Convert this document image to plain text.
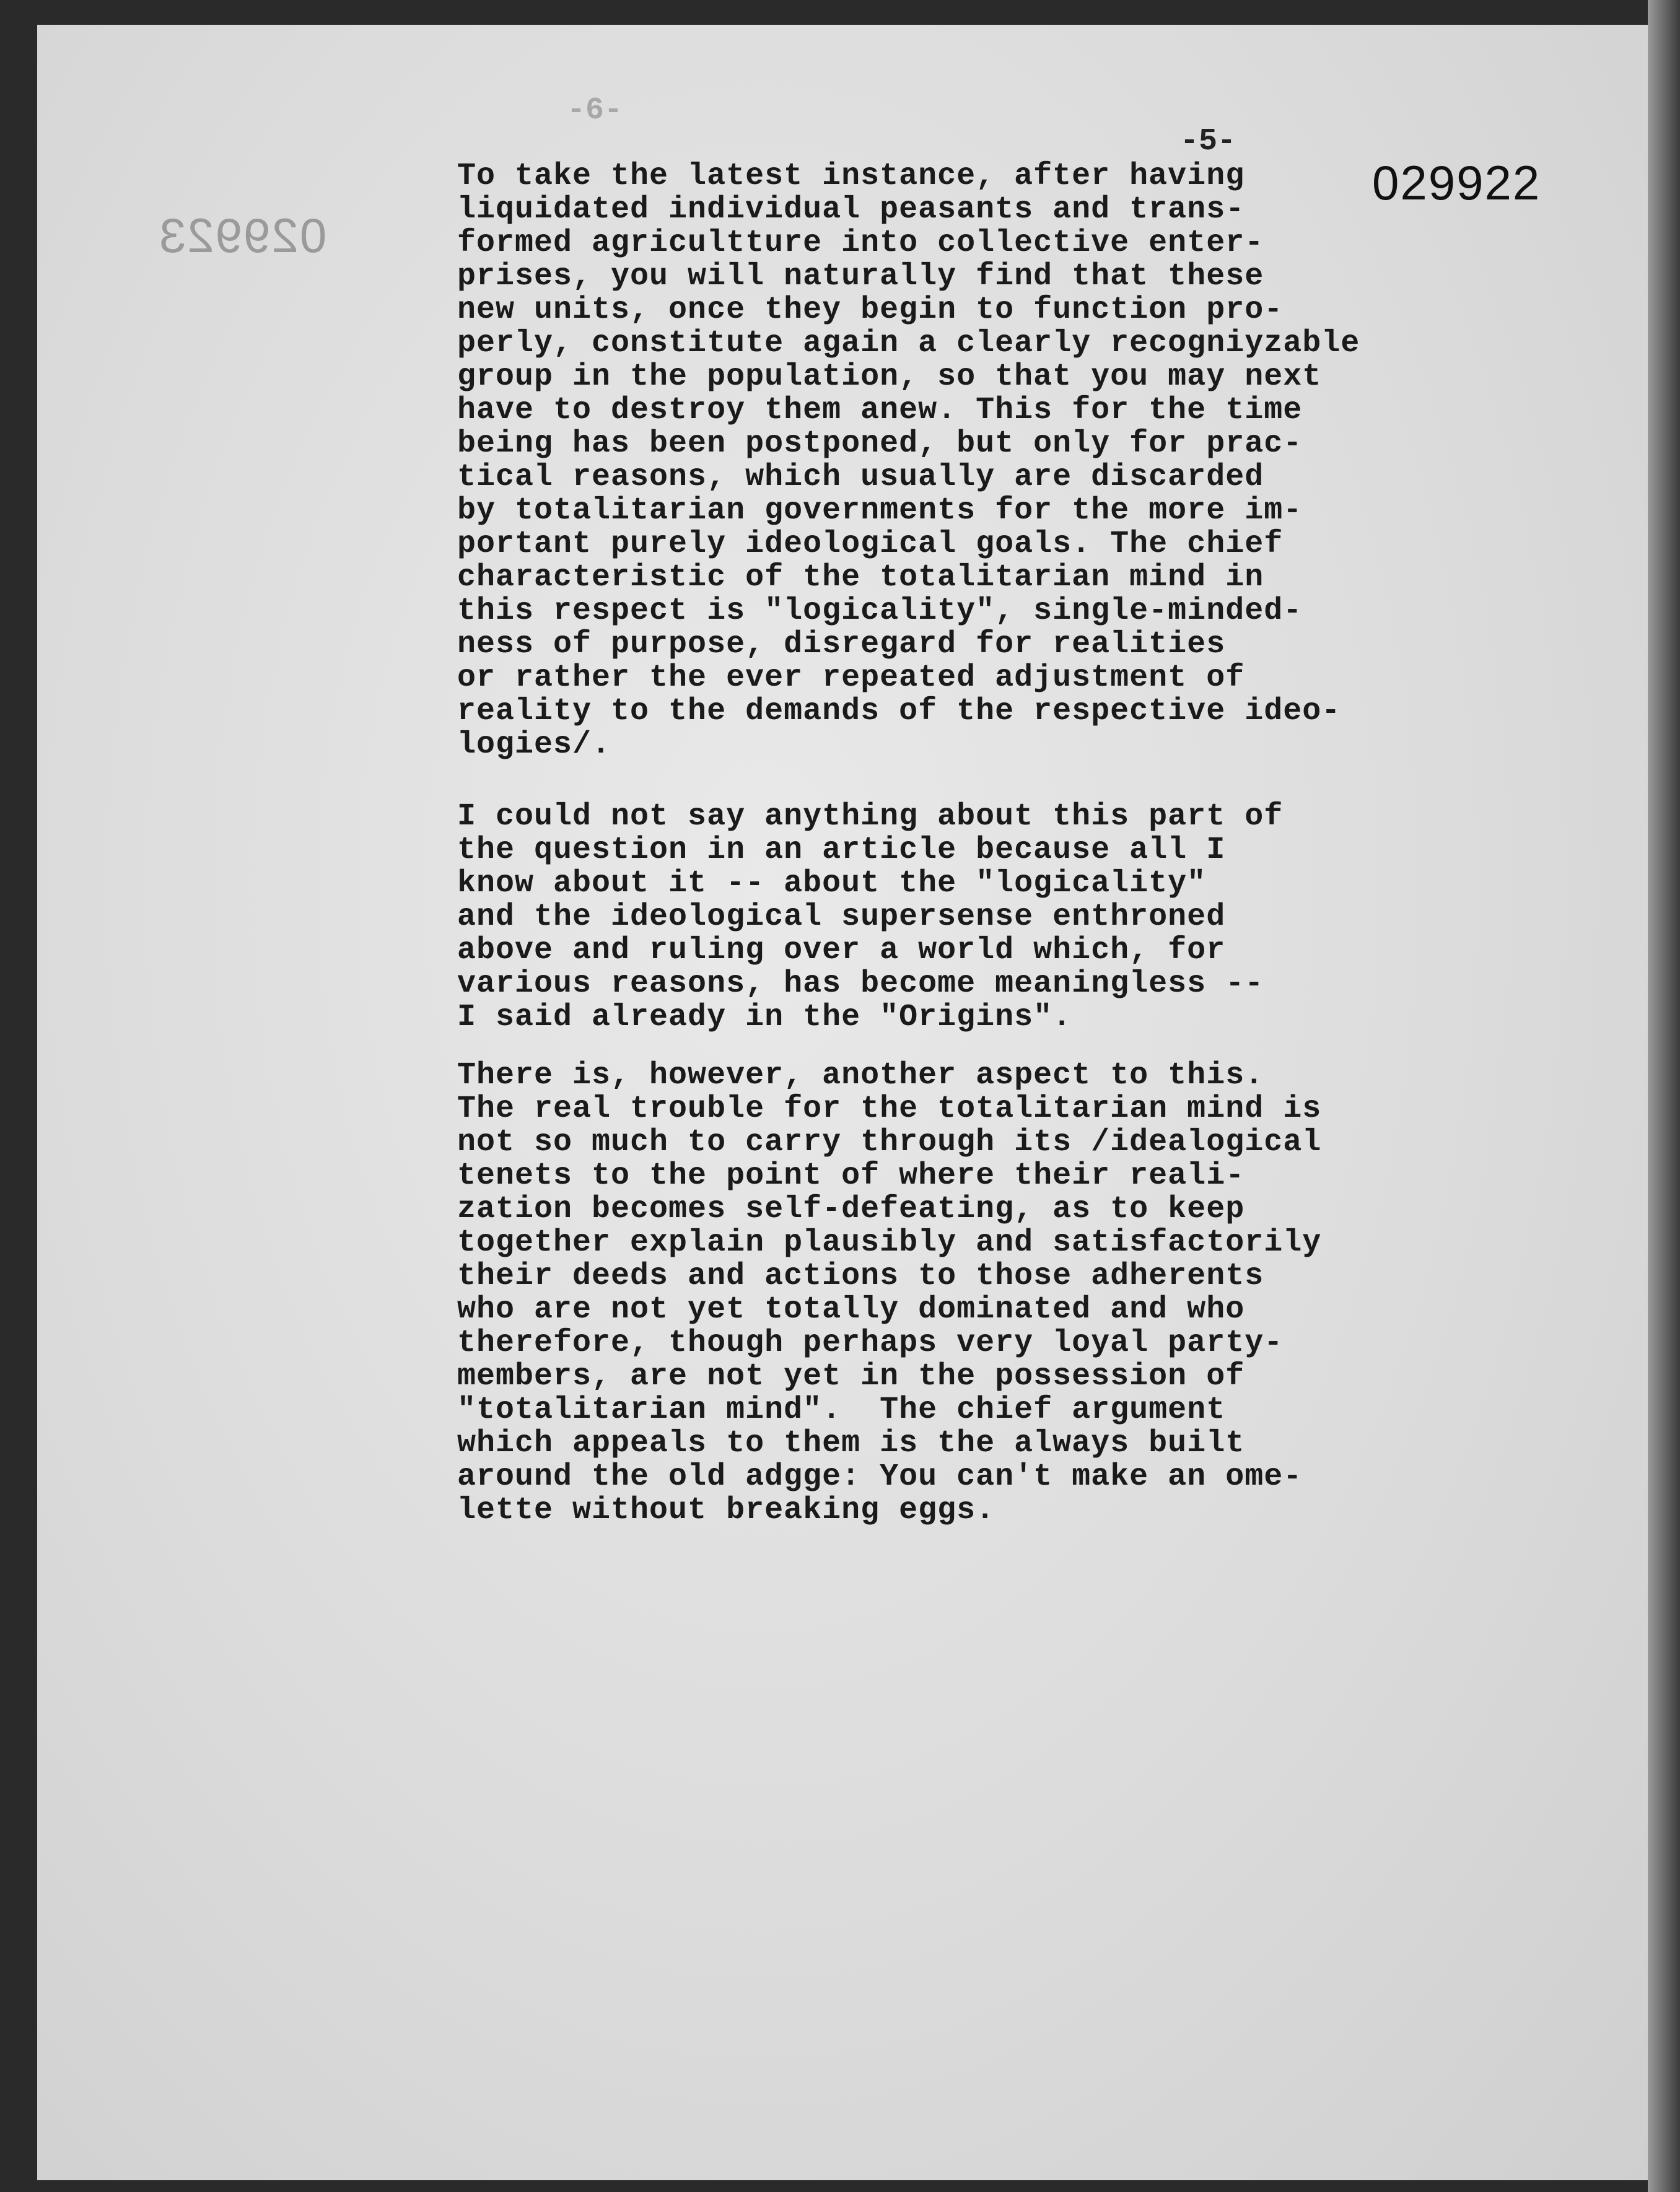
-6-
029923
-5-
029922
To take the latest instance, after having
liquidated individual peasants and trans-
formed agricultture into collective enter-
prises, you will naturally find that these
new units, once they begin to function pro-
perly, constitute again a clearly recogniyzable
group in the population, so that you may next
have to destroy them anew. This for the time
being has been postponed, but only for prac-
tical reasons, which usually are discarded
by totalitarian governments for the more im-
portant purely ideological goals. The chief
characteristic of the totalitarian mind in
this respect is "logicality", single-minded-
ness of purpose, disregard for realities
or rather the ever repeated adjustment of
reality to the demands of the respective ideo-
logies/.
I could not say anything about this part of
the question in an article because all I
know about it -- about the "logicality"
and the ideological supersense enthroned
above and ruling over a world which, for
various reasons, has become meaningless --
I said already in the "Origins".
There is, however, another aspect to this.
The real trouble for the totalitarian mind is
not so much to carry through its /idealogical
tenets to the point of where their reali-
zation becomes self-defeating, as to keep
together explain plausibly and satisfactorily
their deeds and actions to those adherents
who are not yet totally dominated and who
therefore, though perhaps very loyal party-
members, are not yet in the possession of
"totalitarian mind".  The chief argument
which appeals to them is the always built
around the old adgge: You can't make an ome-
lette without breaking eggs.
